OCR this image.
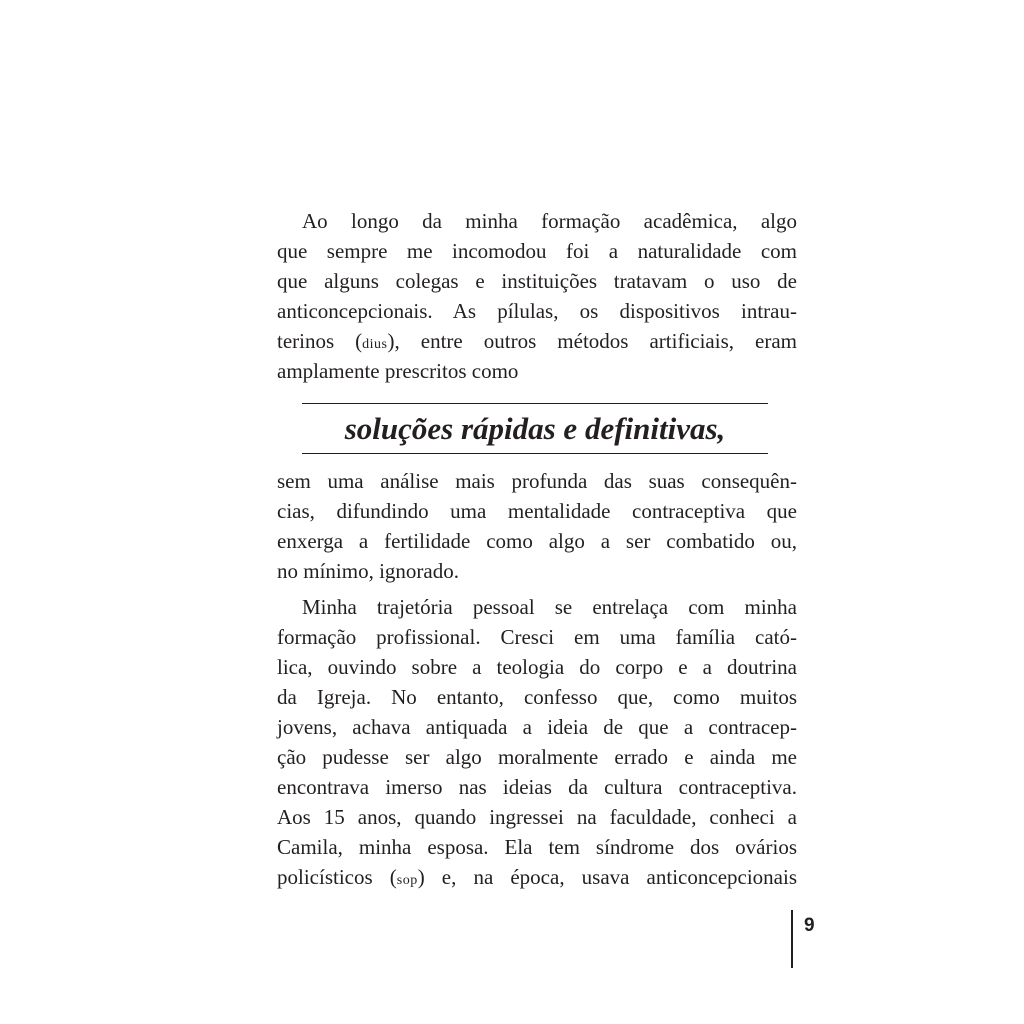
Ao longo da minha formação acadêmica, algo
que sempre me incomodou foi a naturalidade com
que alguns colegas e instituições tratavam o uso de
anticoncepcionais. As pílulas, os dispositivos intrau-
terinos (dius), entre outros métodos artificiais, eram
amplamente prescritos como
sem uma análise mais profunda das suas consequên-
cias, difundindo uma mentalidade contraceptiva que
enxerga a fertilidade como algo a ser combatido ou,
no mínimo, ignorado.
Minha trajetória pessoal se entrelaça com minha
formação profissional. Cresci em uma família cató-
lica, ouvindo sobre a teologia do corpo e a doutrina
da Igreja. No entanto, confesso que, como muitos
jovens, achava antiquada a ideia de que a contracep-
ção pudesse ser algo moralmente errado e ainda me
encontrava imerso nas ideias da cultura contraceptiva.
Aos 15 anos, quando ingressei na faculdade, conheci a
Camila, minha esposa. Ela tem síndrome dos ovários
policísticos (sop) e, na época, usava anticoncepcionais
soluções rápidas e definitivas,
9
